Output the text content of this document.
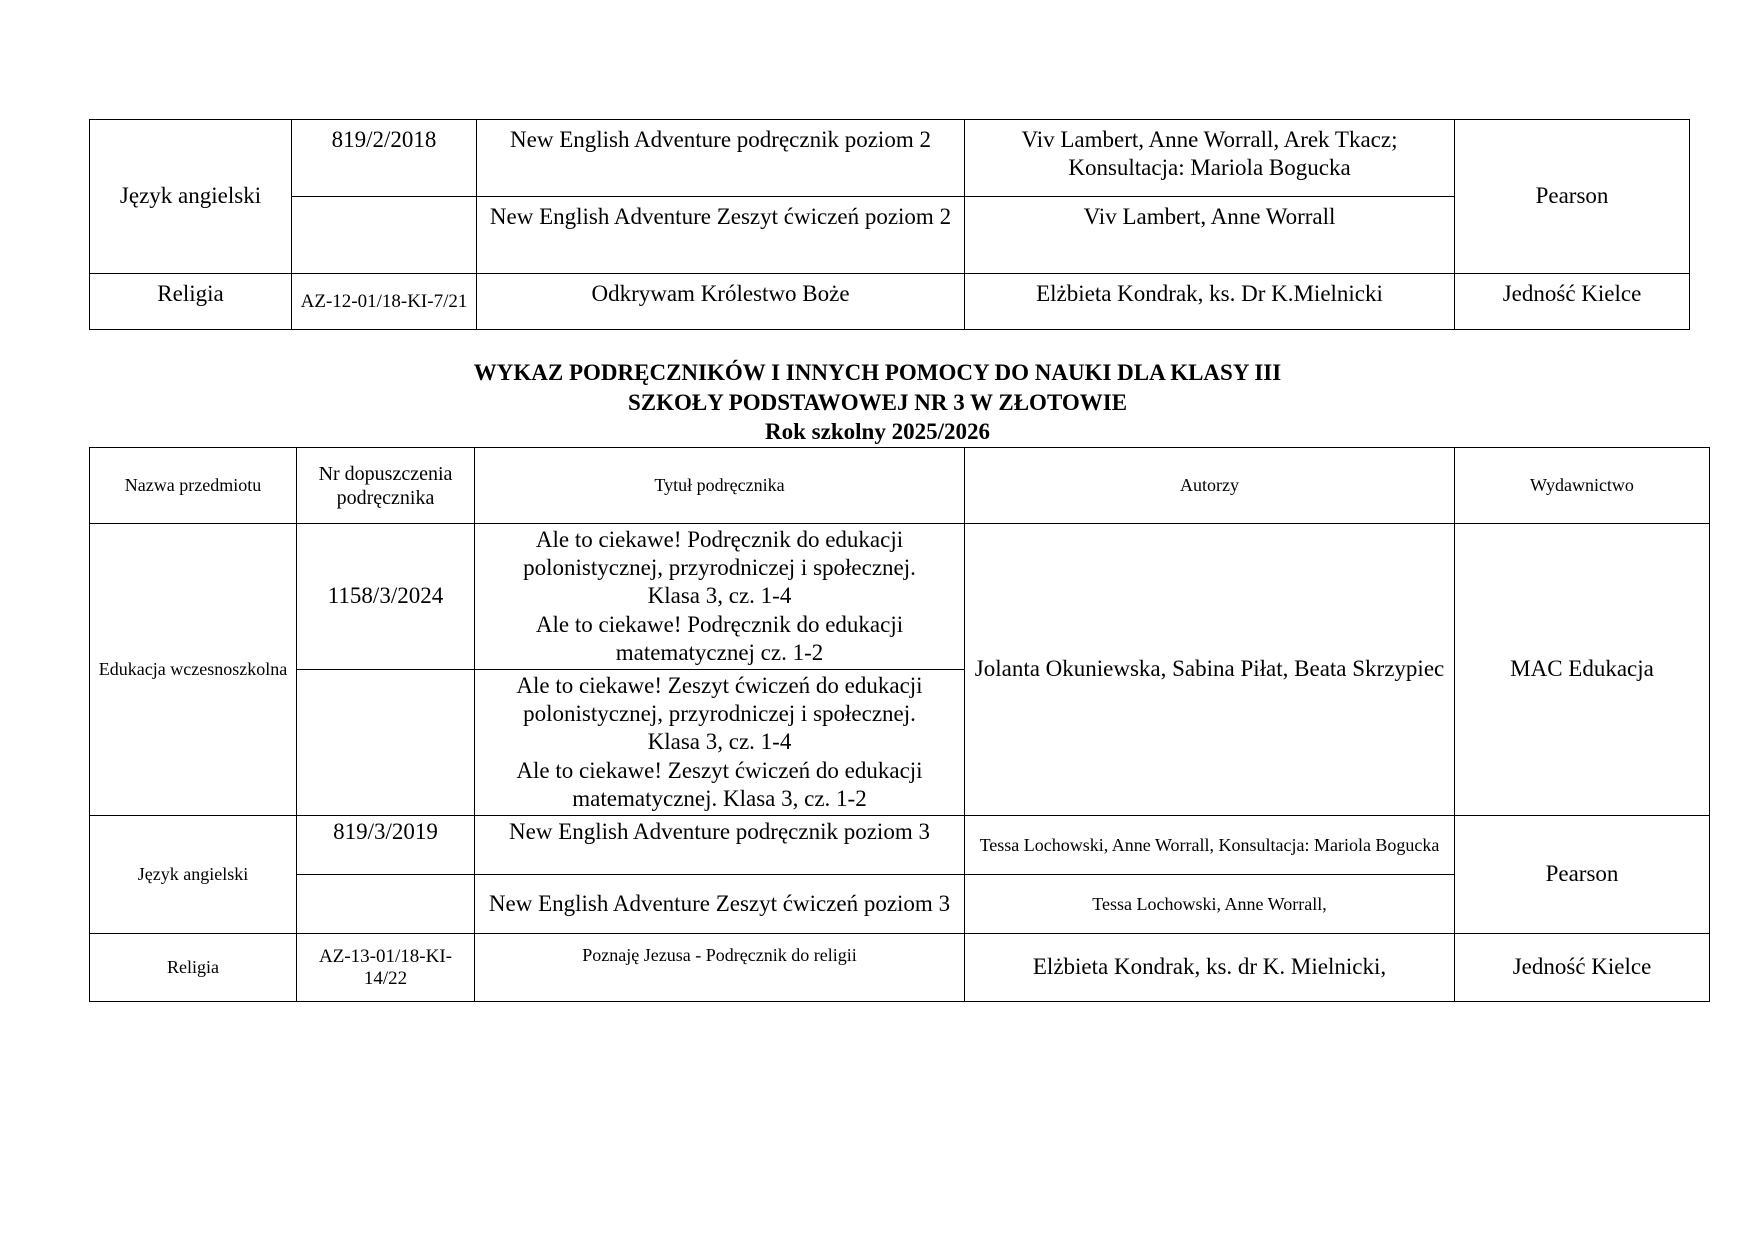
Język angielski	819/2/2018	New English Adventure podręcznik poziom 2	Viv Lambert, Anne Worrall, Arek Tkacz; Konsultacja: Mariola Bogucka	Pearson
		New English Adventure Zeszyt ćwiczeń poziom 2	Viv Lambert, Anne Worrall	
Religia	AZ-12-01/18-KI-7/21	Odkrywam Królestwo Boże	Elżbieta Kondrak, ks. Dr K.Mielnicki	Jedność Kielce
WYKAZ PODRĘCZNIKÓW I INNYCH POMOCY DO NAUKI DLA KLASY III
SZKOŁY PODSTAWOWEJ NR 3 W ZŁOTOWIE
Rok szkolny 2025/2026
Nazwa przedmiotu	Nr dopuszczenia podręcznika	Tytuł podręcznika	Autorzy	Wydawnictwo
Edukacja wczesnoszkolna	1158/3/2024	Ale to ciekawe! Podręcznik do edukacji
polonistycznej, przyrodniczej i społecznej.
Klasa 3, cz. 1-4
Ale to ciekawe! Podręcznik do edukacji
matematycznej cz. 1-2	Jolanta Okuniewska, Sabina Piłat, Beata Skrzypiec	MAC Edukacja

		Ale to ciekawe! Zeszyt ćwiczeń do edukacji
polonistycznej, przyrodniczej i społecznej.
Klasa 3, cz. 1-4
Ale to ciekawe! Zeszyt ćwiczeń do edukacji
matematycznej. Klasa 3, cz. 1-2		

Język angielski	819/3/2019	New English Adventure podręcznik poziom 3	Tessa Lochowski, Anne Worrall, Konsultacja: Mariola Bogucka	Pearson
		New English Adventure Zeszyt ćwiczeń poziom 3	Tessa Lochowski, Anne Worrall,	
Religia	AZ-13-01/18-KI-14/22	Poznaję Jezusa - Podręcznik do religii	Elżbieta Kondrak, ks. dr K. Mielnicki,	Jedność Kielce
